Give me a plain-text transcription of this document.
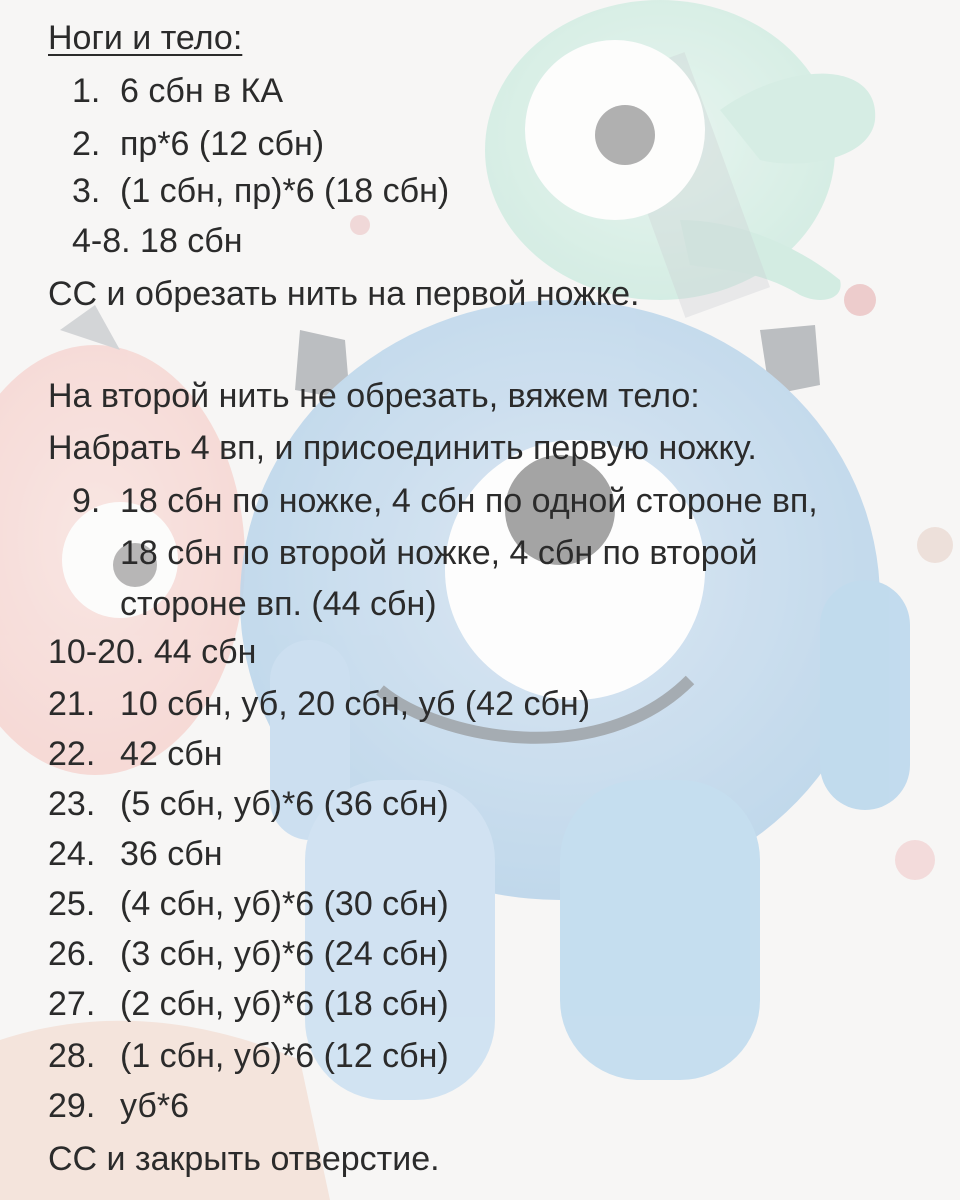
Ноги и тело:
1. 6 сбн в КА
2. пр*6 (12 сбн)
3. (1 сбн, пр)*6 (18 сбн)
4-8. 18 сбн
СС и обрезать нить на первой ножке.
На второй нить не обрезать, вяжем тело:
Набрать 4 вп, и присоединить первую ножку.
9. 18 сбн по ножке, 4 сбн по одной стороне вп,
18 сбн по второй ножке, 4 сбн по второй
стороне вп. (44 сбн)
10-20. 44 сбн
21. 10 сбн, уб, 20 сбн, уб (42 сбн)
22. 42 сбн
23. (5 сбн, уб)*6 (36 сбн)
24. 36 сбн
25. (4 сбн, уб)*6 (30 сбн)
26. (3 сбн, уб)*6 (24 сбн)
27. (2 сбн, уб)*6 (18 сбн)
28. (1 сбн, уб)*6 (12 сбн)
29. уб*6
СС и закрыть отверстие.
